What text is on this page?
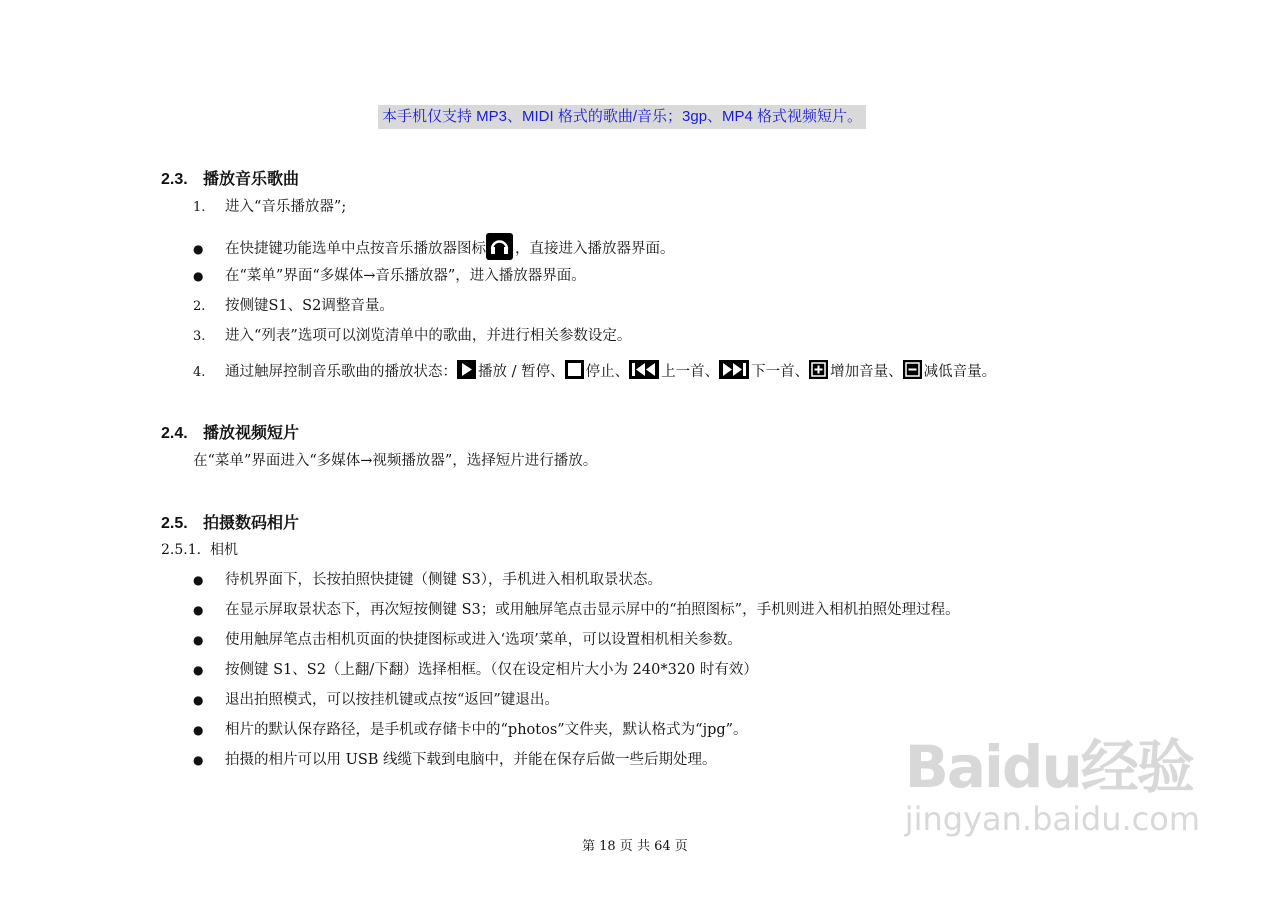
本手机仅支持 MP3、MIDI 格式的歌曲/音乐；3gp、MP4 格式视频短片。
2.3. 播放音乐歌曲
1. 进入“音乐播放器”;
● 在快捷键功能选单中点按音乐播放器图标 ，直接进入播放器界面。
● 在“菜单”界面“多媒体→音乐播放器”，进入播放器界面。
2. 按侧键S1、S2调整音量。
3. 进入“列表”选项可以浏览清单中的歌曲，并进行相关参数设定。
4. 通过触屏控制音乐歌曲的播放状态： 播放 / 暂停、 停止、 上一首、 下一首、 增加音量、 减低音量。
2.4. 播放视频短片
在“菜单”界面进入“多媒体→视频播放器”，选择短片进行播放。
2.5. 拍摄数码相片
2.5.1.  相机
● 待机界面下，长按拍照快捷键（侧键 S3），手机进入相机取景状态。
● 在显示屏取景状态下，再次短按侧键 S3；或用触屏笔点击显示屏中的“拍照图标”，手机则进入相机拍照处理过程。
● 使用触屏笔点击相机页面的快捷图标或进入‘选项’菜单，可以设置相机相关参数。
● 按侧键 S1、S2（上翻/下翻）选择相框。（仅在设定相片大小为 240*320 时有效）
● 退出拍照模式，可以按挂机键或点按“返回”键退出。
● 相片的默认保存路径，是手机或存储卡中的“photos”文件夹，默认格式为“jpg”。
● 拍摄的相片可以用 USB 线缆下载到电脑中，并能在保存后做一些后期处理。
第 18 页 共 64 页
Baidu经验
jingyan.baidu.com
